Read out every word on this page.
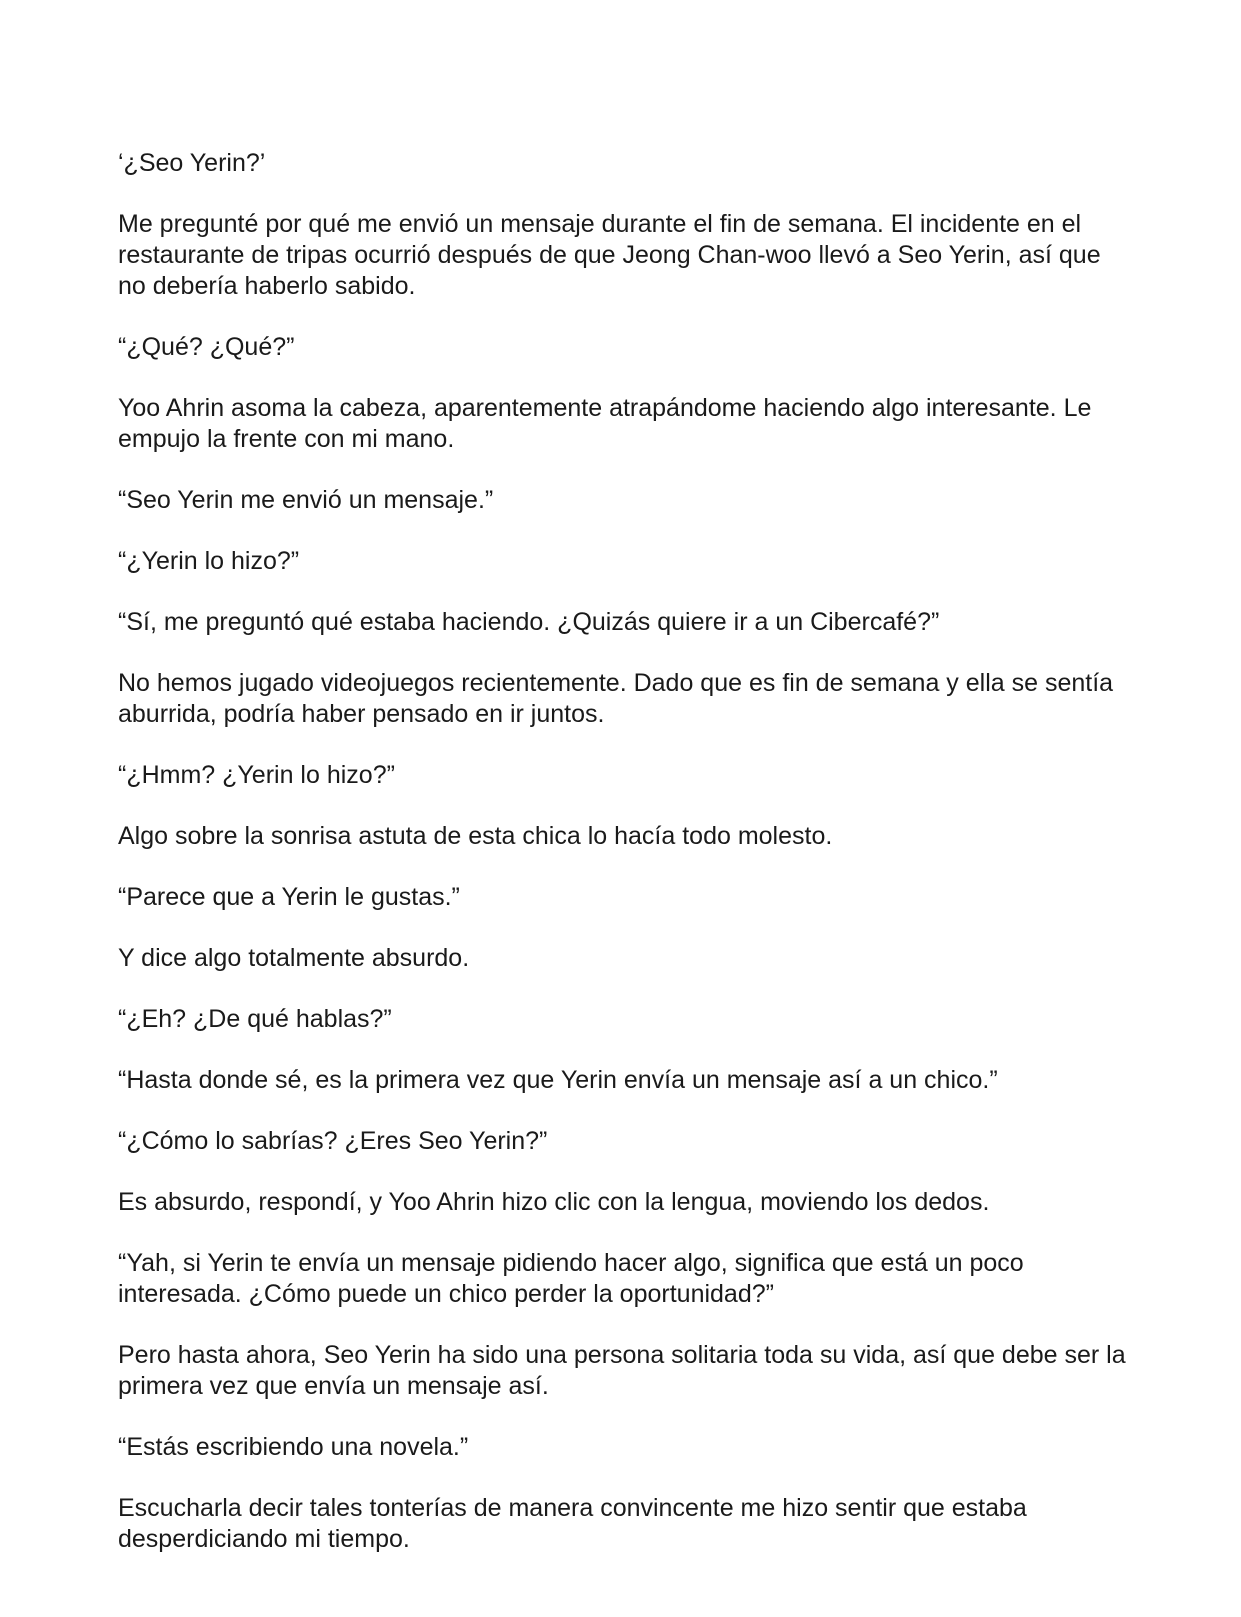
‘¿Seo Yerin?’

Me pregunté por qué me envió un mensaje durante el fin de semana. El incidente en el restaurante de tripas ocurrió después de que Jeong Chan-woo llevó a Seo Yerin, así que no debería haberlo sabido.

“¿Qué? ¿Qué?”

Yoo Ahrin asoma la cabeza, aparentemente atrapándome haciendo algo interesante. Le empujo la frente con mi mano.

“Seo Yerin me envió un mensaje.”

“¿Yerin lo hizo?”

“Sí, me preguntó qué estaba haciendo. ¿Quizás quiere ir a un Cibercafé?”

No hemos jugado videojuegos recientemente. Dado que es fin de semana y ella se sentía aburrida, podría haber pensado en ir juntos.

“¿Hmm? ¿Yerin lo hizo?”

Algo sobre la sonrisa astuta de esta chica lo hacía todo molesto.

“Parece que a Yerin le gustas.”

Y dice algo totalmente absurdo.

“¿Eh? ¿De qué hablas?”

“Hasta donde sé, es la primera vez que Yerin envía un mensaje así a un chico.”

“¿Cómo lo sabrías? ¿Eres Seo Yerin?”

Es absurdo, respondí, y Yoo Ahrin hizo clic con la lengua, moviendo los dedos.

“Yah, si Yerin te envía un mensaje pidiendo hacer algo, significa que está un poco interesada. ¿Cómo puede un chico perder la oportunidad?”

Pero hasta ahora, Seo Yerin ha sido una persona solitaria toda su vida, así que debe ser la primera vez que envía un mensaje así.

“Estás escribiendo una novela.”

Escucharla decir tales tonterías de manera convincente me hizo sentir que estaba desperdiciando mi tiempo.
